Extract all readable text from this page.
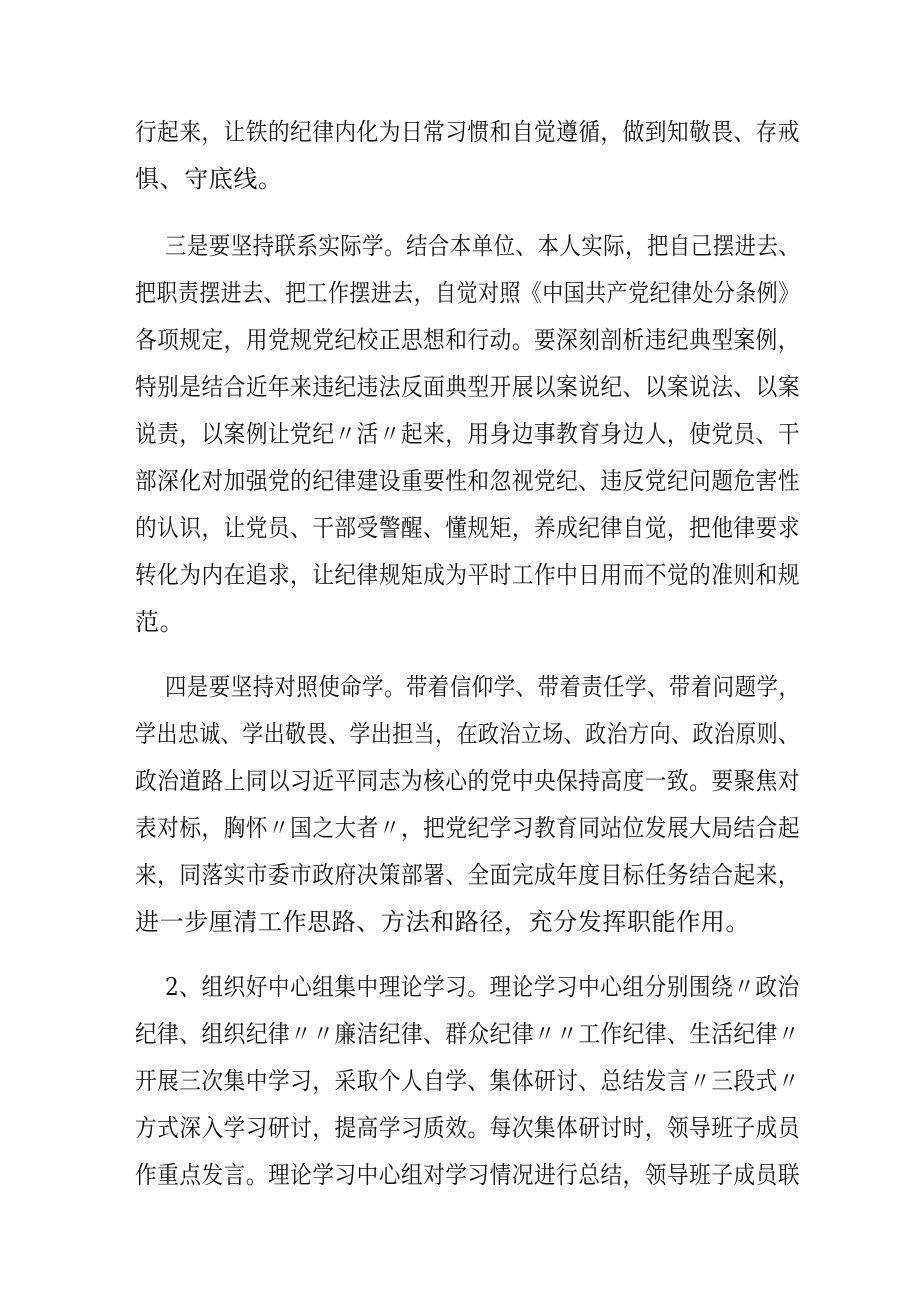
行起来，让铁的纪律内化为日常习惯和自觉遵循，做到知敬畏、存戒
惧、守底线。
三是要坚持联系实际学。结合本单位、本人实际，把自己摆进去、
把职责摆进去、把工作摆进去，自觉对照《中国共产党纪律处分条例》
各项规定，用党规党纪校正思想和行动。要深刻剖析违纪典型案例，
特别是结合近年来违纪违法反面典型开展以案说纪、以案说法、以案
说责，以案例让党纪〃活〃起来，用身边事教育身边人，使党员、干
部深化对加强党的纪律建设重要性和忽视党纪、违反党纪问题危害性
的认识，让党员、干部受警醒、懂规矩，养成纪律自觉，把他律要求
转化为内在追求，让纪律规矩成为平时工作中日用而不觉的准则和规
范。
四是要坚持对照使命学。带着信仰学、带着责任学、带着问题学，
学出忠诚、学出敬畏、学出担当，在政治立场、政治方向、政治原则、
政治道路上同以习近平同志为核心的党中央保持高度一致。要聚焦对
表对标，胸怀〃国之大者〃，把党纪学习教育同站位发展大局结合起
来，同落实市委市政府决策部署、全面完成年度目标任务结合起来，
进一步厘清工作思路、方法和路径，充分发挥职能作用。
2、组织好中心组集中理论学习。理论学习中心组分别围绕〃政治
纪律、组织纪律〃〃廉洁纪律、群众纪律〃〃工作纪律、生活纪律〃
开展三次集中学习，采取个人自学、集体研讨、总结发言〃三段式〃
方式深入学习研讨，提高学习质效。每次集体研讨时，领导班子成员
作重点发言。理论学习中心组对学习情况进行总结，领导班子成员联
